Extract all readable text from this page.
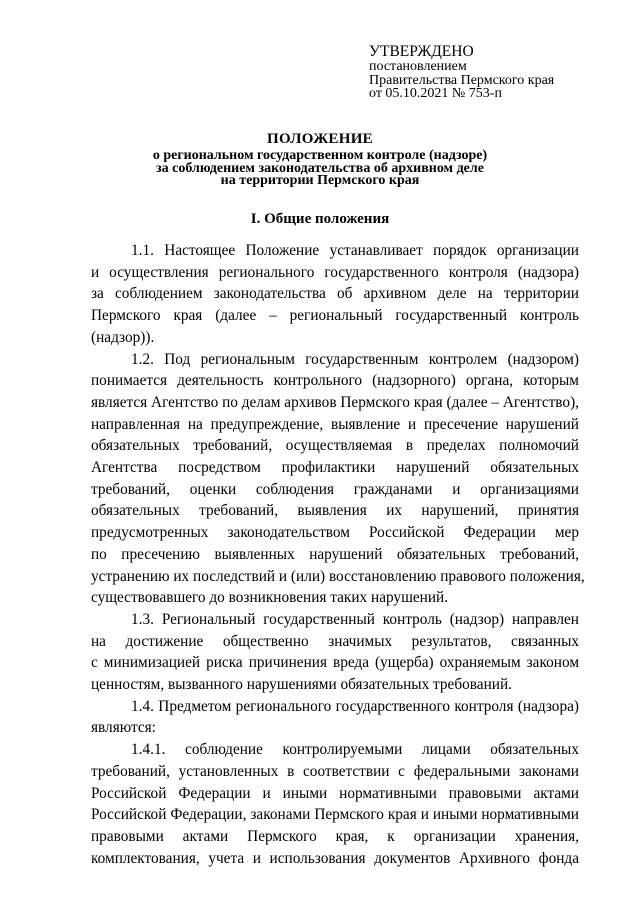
УТВЕРЖДЕНО
постановлением
Правительства Пермского края
от 05.10.2021 № 753-п
ПОЛОЖЕНИЕ
о региональном государственном контроле (надзоре)
за соблюдением законодательства об архивном деле
на территории Пермского края
I. Общие положения
1.1. Настоящее Положение устанавливает порядок организации
и осуществления регионального государственного контроля (надзора)
за соблюдением законодательства об архивном деле на территории
Пермского края (далее – региональный государственный контроль
(надзор)).
1.2. Под региональным государственным контролем (надзором)
понимается деятельность контрольного (надзорного) органа, которым
является Агентство по делам архивов Пермского края (далее – Агентство),
направленная на предупреждение, выявление и пресечение нарушений
обязательных требований, осуществляемая в пределах полномочий
Агентства посредством профилактики нарушений обязательных
требований, оценки соблюдения гражданами и организациями
обязательных требований, выявления их нарушений, принятия
предусмотренных законодательством Российской Федерации мер
по пресечению выявленных нарушений обязательных требований,
устранению их последствий и (или) восстановлению правового положения,
существовавшего до возникновения таких нарушений.
1.3. Региональный государственный контроль (надзор) направлен
на достижение общественно значимых результатов, связанных
с минимизацией риска причинения вреда (ущерба) охраняемым законом
ценностям, вызванного нарушениями обязательных требований.
1.4. Предметом регионального государственного контроля (надзора)
являются:
1.4.1. соблюдение контролируемыми лицами обязательных
требований, установленных в соответствии с федеральными законами
Российской Федерации и иными нормативными правовыми актами
Российской Федерации, законами Пермского края и иными нормативными
правовыми актами Пермского края, к организации хранения,
комплектования, учета и использования документов Архивного фонда
